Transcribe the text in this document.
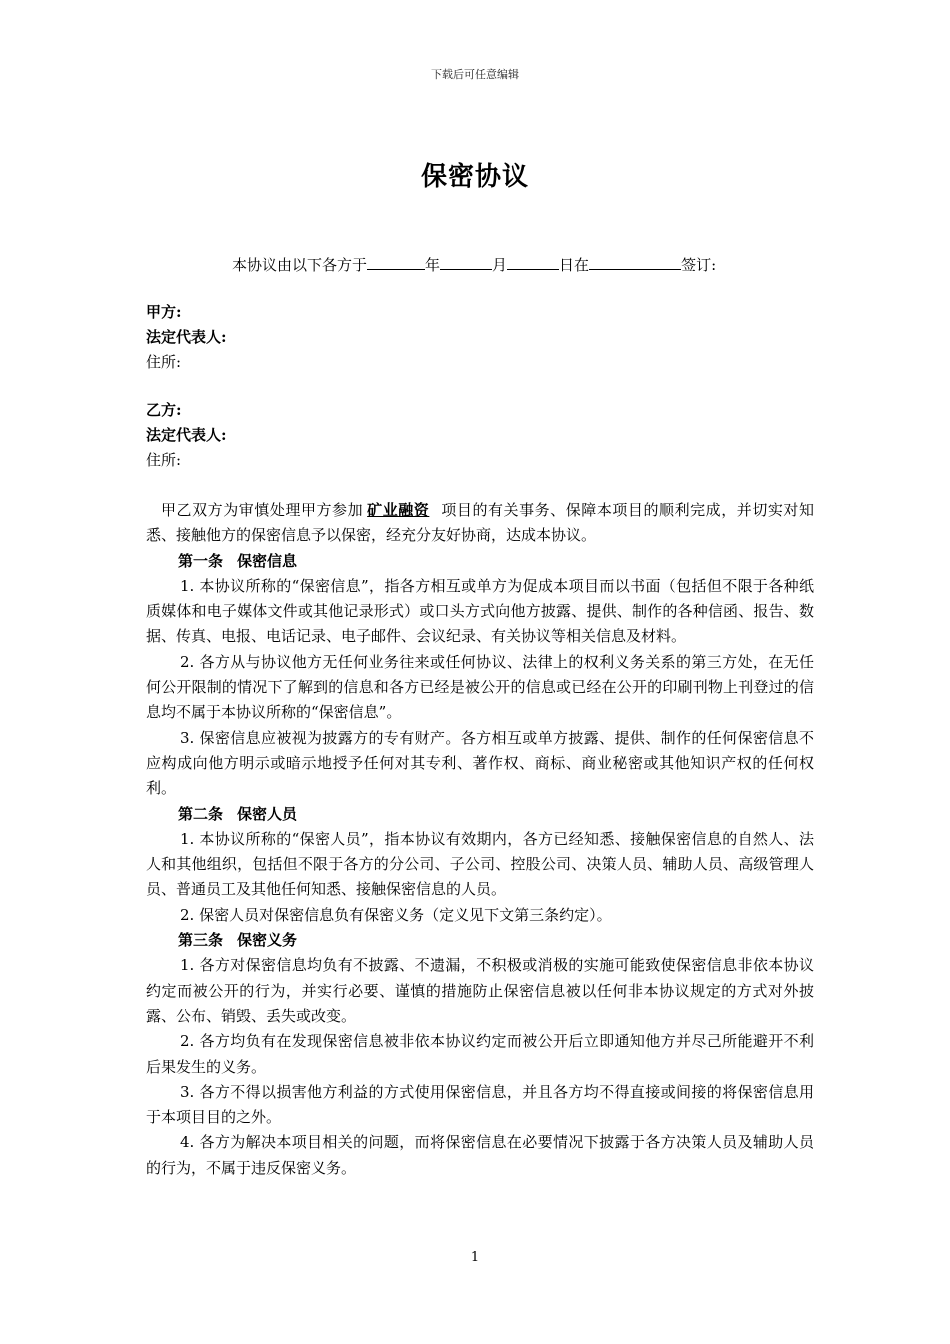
下载后可任意编辑
保密协议
本协议由以下各方于	年	月	日在	签订:
甲方:
法定代表人:
住所:
乙方:
法定代表人:
住所:

甲乙双方为审慎处理甲方参加 矿业融资 项目的有关事务、保障本项目的顺利完成，并切实对知悉、接触他方的保密信息予以保密，经充分友好协商，达成本协议。

第一条 保密信息

1. 本协议所称的“保密信息”，指各方相互或单方为促成本项目而以书面（包括但不限于各种纸质媒体和电子媒体文件或其他记录形式）或口头方式向他方披露、提供、制作的各种信函、报告、数据、传真、电报、电话记录、电子邮件、会议纪录、有关协议等相关信息及材料。

2. 各方从与协议他方无任何业务往来或任何协议、法律上的权利义务关系的第三方处，在无任何公开限制的情况下了解到的信息和各方已经是被公开的信息或已经在公开的印刷刊物上刊登过的信息均不属于本协议所称的“保密信息”。

3. 保密信息应被视为披露方的专有财产。各方相互或单方披露、提供、制作的任何保密信息不应构成向他方明示或暗示地授予任何对其专利、著作权、商标、商业秘密或其他知识产权的任何权利。

第二条 保密人员

1. 本协议所称的“保密人员”，指本协议有效期内，各方已经知悉、接触保密信息的自然人、法人和其他组织，包括但不限于各方的分公司、子公司、控股公司、决策人员、辅助人员、高级管理人员、普通员工及其他任何知悉、接触保密信息的人员。

2. 保密人员对保密信息负有保密义务（定义见下文第三条约定）。

第三条 保密义务

1. 各方对保密信息均负有不披露、不遗漏，不积极或消极的实施可能致使保密信息非依本协议约定而被公开的行为，并实行必要、谨慎的措施防止保密信息被以任何非本协议规定的方式对外披露、公布、销毁、丢失或改变。

2. 各方均负有在发现保密信息被非依本协议约定而被公开后立即通知他方并尽己所能避开不利后果发生的义务。

3. 各方不得以损害他方利益的方式使用保密信息，并且各方均不得直接或间接的将保密信息用于本项目目的之外。

4. 各方为解决本项目相关的问题，而将保密信息在必要情况下披露于各方决策人员及辅助人员的行为，不属于违反保密义务。

1
